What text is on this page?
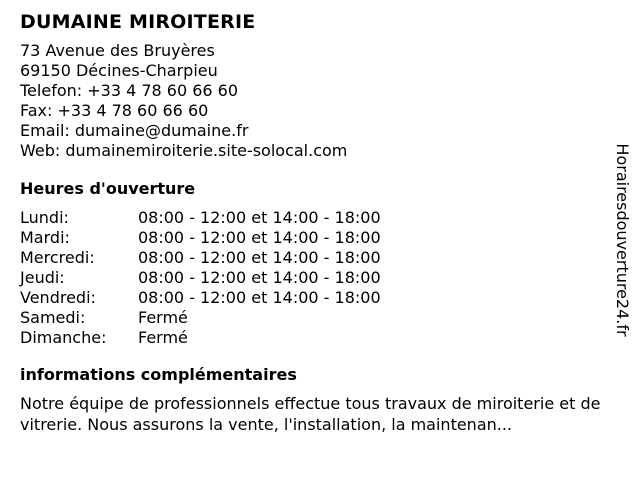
DUMAINE MIROITERIE
73 Avenue des Bruyères
69150 Décines-Charpieu
Telefon: +33 4 78 60 66 60
Fax: +33 4 78 60 66 60
Email: dumaine@dumaine.fr
Web: dumainemiroiterie.site-solocal.com
Heures d'ouverture
Lundi:	08:00 - 12:00 et 14:00 - 18:00
Mardi:	08:00 - 12:00 et 14:00 - 18:00
Mercredi:	08:00 - 12:00 et 14:00 - 18:00
Jeudi:	08:00 - 12:00 et 14:00 - 18:00
Vendredi:	08:00 - 12:00 et 14:00 - 18:00
Samedi:	Fermé
Dimanche: Fermé
informations complémentaires
Notre équipe de professionnels effectue tous travaux de miroiterie et de vitrerie. Nous assurons la vente, l'installation, la maintenan...
Horairesdouverture24.fr
